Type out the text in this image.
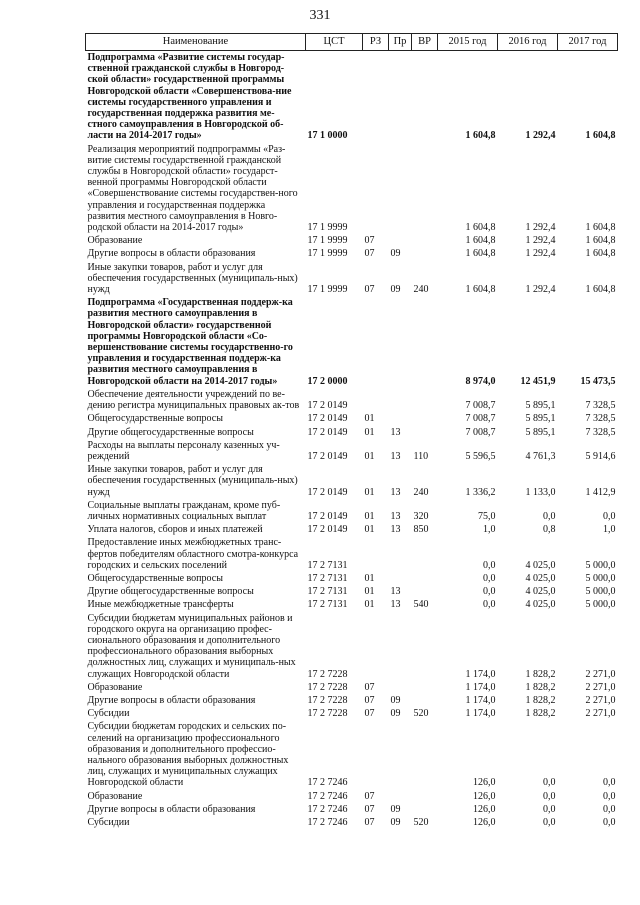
331
Наименование	ЦСТ	РЗ	Пр	ВР	2015 год	2016 год	2017 год
Подпрограмма «Развитие системы государ-ственной гражданской службы в Новгород-ской области» государственной программы Новгородской области «Совершенствова-ние системы государственного управления и государственная поддержка развития ме-стного самоуправления в Новгородской об-ласти на 2014-2017 годы»	17 1 0000				1 604,8	1 292,4	1 604,8
Реализация мероприятий подпрограммы «Раз-витие системы государственной гражданской службы в Новгородской области» государст-венной программы Новгородской области «Совершенствование системы государствен-ного управления и государственная поддержка развития местного самоуправления в Новго-родской области на 2014-2017 годы»	17 1 9999				1 604,8	1 292,4	1 604,8
Образование	17 1 9999	07			1 604,8	1 292,4	1 604,8
Другие вопросы в области образования	17 1 9999	07	09		1 604,8	1 292,4	1 604,8
Иные закупки товаров, работ и услуг для обеспечения государственных (муниципаль-ных) нужд	17 1 9999	07	09	240	1 604,8	1 292,4	1 604,8
Подпрограмма «Государственная поддерж-ка развития местного самоуправления в Новгородской области» государственной программы Новгородской области «Со-вершенствование системы государственно-го управления и государственная поддерж-ка развития местного самоуправления в Новгородской области на 2014-2017 годы»	17 2 0000				8 974,0	12 451,9	15 473,5
Обеспечение деятельности учреждений по ве-дению регистра муниципальных правовых ак-тов	17 2 0149				7 008,7	5 895,1	7 328,5
Общегосударственные вопросы	17 2 0149	01			7 008,7	5 895,1	7 328,5
Другие общегосударственные вопросы	17 2 0149	01	13		7 008,7	5 895,1	7 328,5
Расходы на выплаты персоналу казенных уч-реждений	17 2 0149	01	13	110	5 596,5	4 761,3	5 914,6
Иные закупки товаров, работ и услуг для обеспечения государственных (муниципаль-ных) нужд	17 2 0149	01	13	240	1 336,2	1 133,0	1 412,9
Социальные выплаты гражданам, кроме пуб-личных нормативных социальных выплат	17 2 0149	01	13	320	75,0	0,0	0,0
Уплата налогов, сборов и иных платежей	17 2 0149	01	13	850	1,0	0,8	1,0
Предоставление иных межбюджетных транс-фертов победителям областного смотра-конкурса городских и сельских поселений	17 2 7131				0,0	4 025,0	5 000,0
Общегосударственные вопросы	17 2 7131	01			0,0	4 025,0	5 000,0
Другие общегосударственные вопросы	17 2 7131	01	13		0,0	4 025,0	5 000,0
Иные межбюджетные трансферты	17 2 7131	01	13	540	0,0	4 025,0	5 000,0
Субсидии бюджетам муниципальных районов и городского округа на организацию профес-сионального образования и дополнительного профессионального образования выборных должностных лиц, служащих и муниципаль-ных служащих Новгородской области	17 2 7228				1 174,0	1 828,2	2 271,0
Образование	17 2 7228	07			1 174,0	1 828,2	2 271,0
Другие вопросы в области образования	17 2 7228	07	09		1 174,0	1 828,2	2 271,0
Субсидии	17 2 7228	07	09	520	1 174,0	1 828,2	2 271,0
Субсидии бюджетам городских и сельских по-селений на организацию профессионального образования и дополнительного профессио-нального образования выборных должностных лиц, служащих и муниципальных служащих Новгородской области	17 2 7246				126,0	0,0	0,0
Образование	17 2 7246	07			126,0	0,0	0,0
Другие вопросы в области образования	17 2 7246	07	09		126,0	0,0	0,0
Субсидии	17 2 7246	07	09	520	126,0	0,0	0,0
